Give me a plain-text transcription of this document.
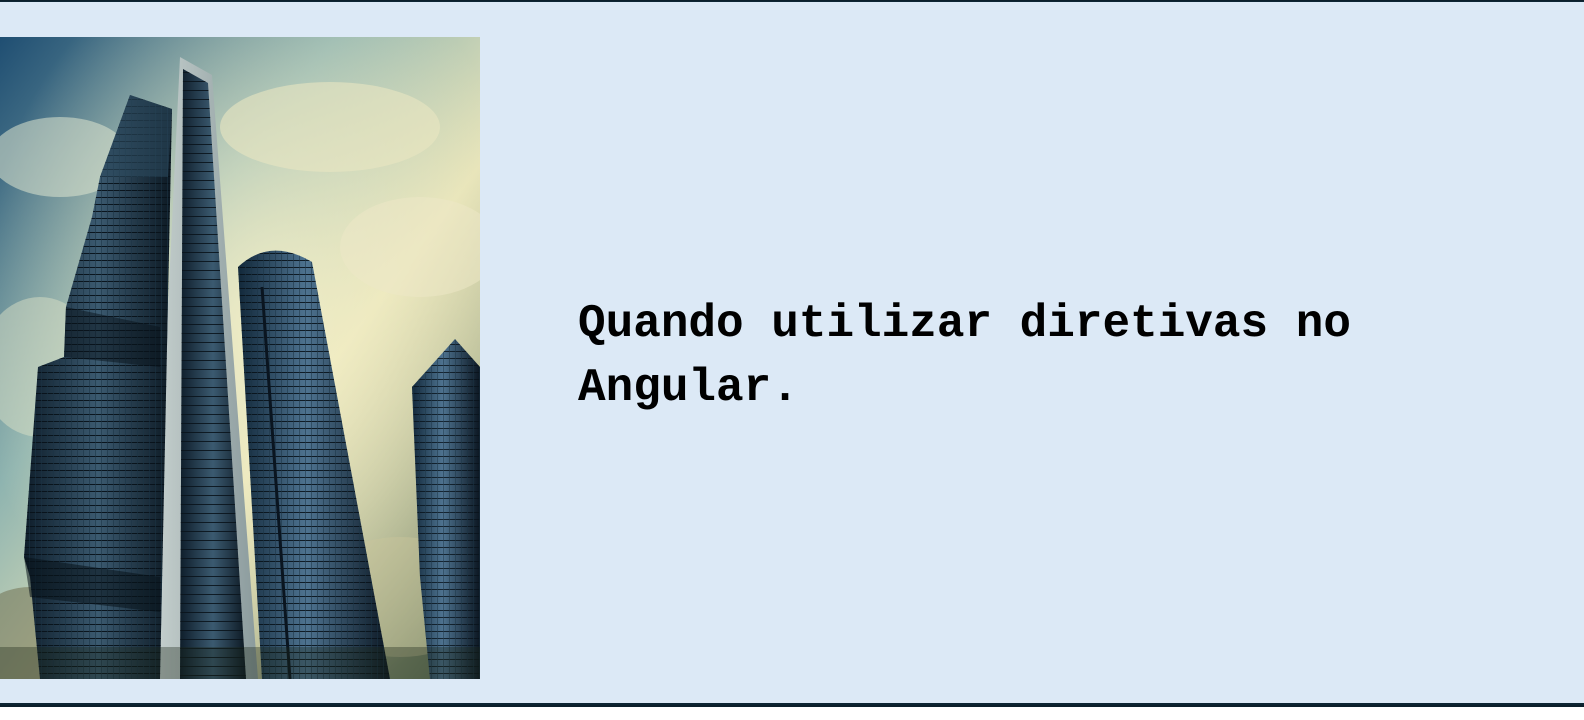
Quando utilizar diretivas no Angular.
